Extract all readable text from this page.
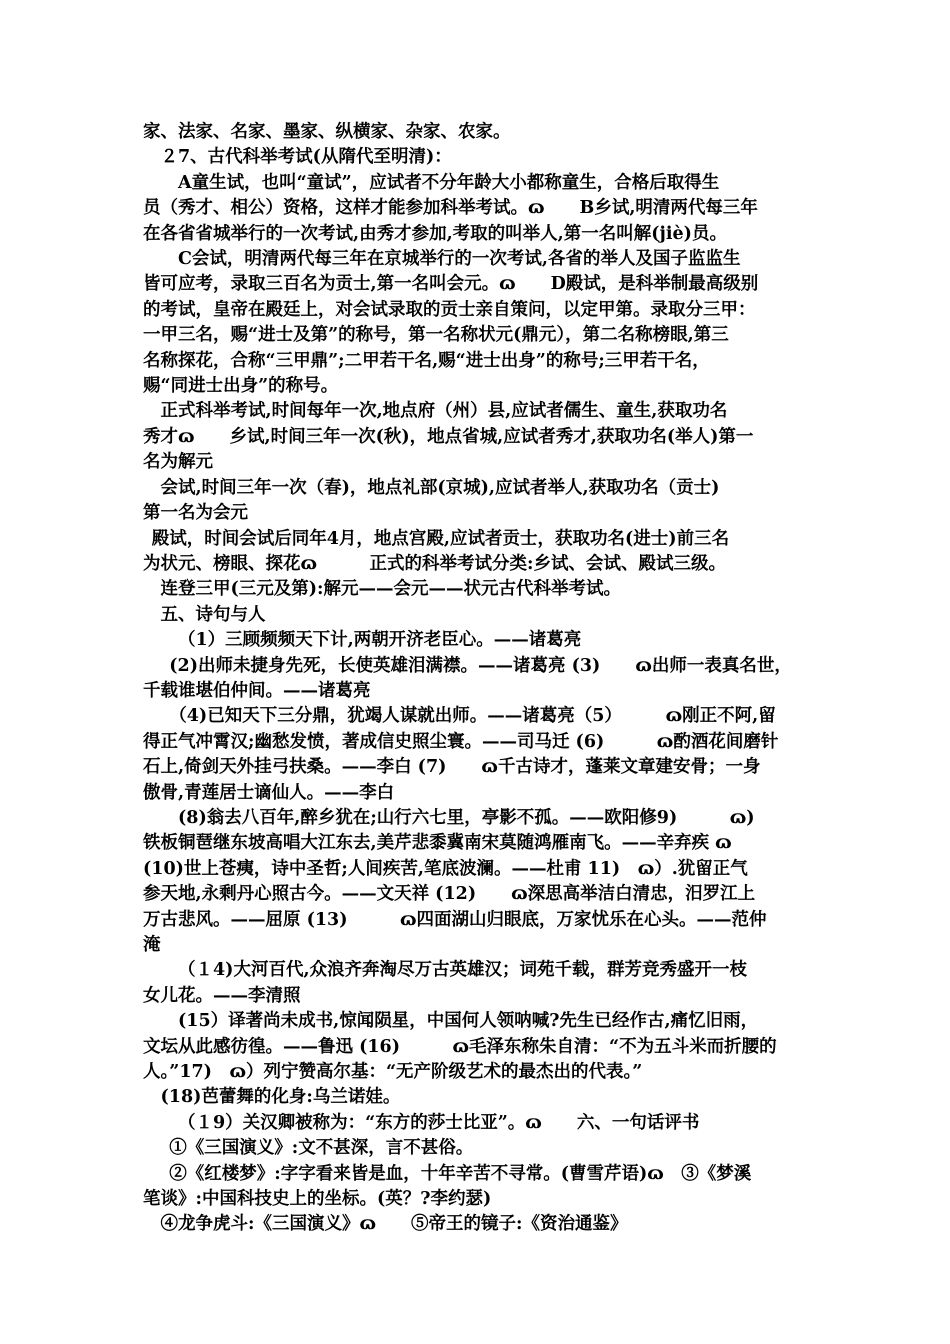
家、法家、名家、墨家、纵横家、杂家、农家。

２7、古代科举考试(从隋代至明清)：

A童生试，也叫“童试”，应试者不分年龄大小都称童生，合格后取得生

员（秀才、相公）资格，这样才能参加科举考试。ɷ　　B乡试,明清两代每三年

在各省省城举行的一次考试,由秀才参加,考取的叫举人,第一名叫解(jiè)员。

C会试，明清两代每三年在京城举行的一次考试,各省的举人及国子监监生

皆可应考，录取三百名为贡士,第一名叫会元。ɷ　　D殿试，是科举制最高级别

的考试，皇帝在殿廷上，对会试录取的贡士亲自策问，以定甲第。录取分三甲：

一甲三名，赐“进士及第”的称号，第一名称状元(鼎元），第二名称榜眼,第三

名称探花，合称“三甲鼎”;二甲若干名,赐“进士出身”的称号;三甲若干名，

赐“同进士出身”的称号。

正式科举考试,时间每年一次,地点府（州）县,应试者儒生、童生,获取功名

秀才ɷ　　乡试,时间三年一次(秋)，地点省城,应试者秀才,获取功名(举人)第一

名为解元

会试,时间三年一次（春)，地点礼部(京城),应试者举人,获取功名（贡士)

第一名为会元

殿试，时间会试后同年4月，地点宫殿,应试者贡士，获取功名(进士)前三名

为状元、榜眼、探花ɷ　　　正式的科举考试分类:乡试、会试、殿试三级。

连登三甲(三元及第):解元——会元——状元古代科举考试。

五、诗句与人

（1）三顾频频天下计,两朝开济老臣心。——诸葛亮

(2)出师未捷身先死，长使英雄泪满襟。——诸葛亮 (3)　　ɷ出师一表真名世，

千载谁堪伯仲间。——诸葛亮

（4)已知天下三分鼎，犹竭人谋就出师。——诸葛亮（5）　　　ɷ刚正不阿,留

得正气冲霄汉;幽愁发愤，著成信史照尘寰。——司马迁 (6)　　　ɷ酌酒花间磨针

石上,倚剑天外挂弓扶桑。——李白 (7)　　ɷ千古诗才，蓬莱文章建安骨；一身

傲骨,青莲居士谪仙人。——李白

(8)翁去八百年,醉乡犹在;山行六七里，亭影不孤。——欧阳修9)　　　ɷ)

铁板铜琶继东坡高唱大江东去,美芹悲黍冀南宋莫随鸿雁南飞。——辛弃疾 ɷ

(10)世上苍痍，诗中圣哲;人间疾苦,笔底波澜。——杜甫 11)　ɷ）.犹留正气

参天地,永剩丹心照古今。——文天祥 (12)　　ɷ深思高举洁白清忠，汨罗江上

万古悲风。——屈原 (13)　　　ɷ四面湖山归眼底，万家忧乐在心头。——范仲

淹

（１4)大河百代,众浪齐奔淘尽万古英雄汉；词苑千载，群芳竞秀盛开一枝

女儿花。——李清照

(15）译著尚未成书,惊闻陨星，中国何人领呐喊?先生已经作古,痛忆旧雨，

文坛从此感彷徨。——鲁迅 (16)　　　ɷ毛泽东称朱自清：“不为五斗米而折腰的

人。”17)　ɷ）列宁赞高尔基：“无产阶级艺术的最杰出的代表。”

(18)芭蕾舞的化身:乌兰诺娃。

（１9）关汉卿被称为：“东方的莎士比亚”。ɷ　　六、一句话评书

①《三国演义》:文不甚深，言不甚俗。

②《红楼梦》:字字看来皆是血，十年辛苦不寻常。(曹雪芹语)ɷ　③《梦溪

笔谈》:中国科技史上的坐标。(英？?李约瑟)

④龙争虎斗:《三国演义》ɷ　　⑤帝王的镜子:《资治通鉴》
